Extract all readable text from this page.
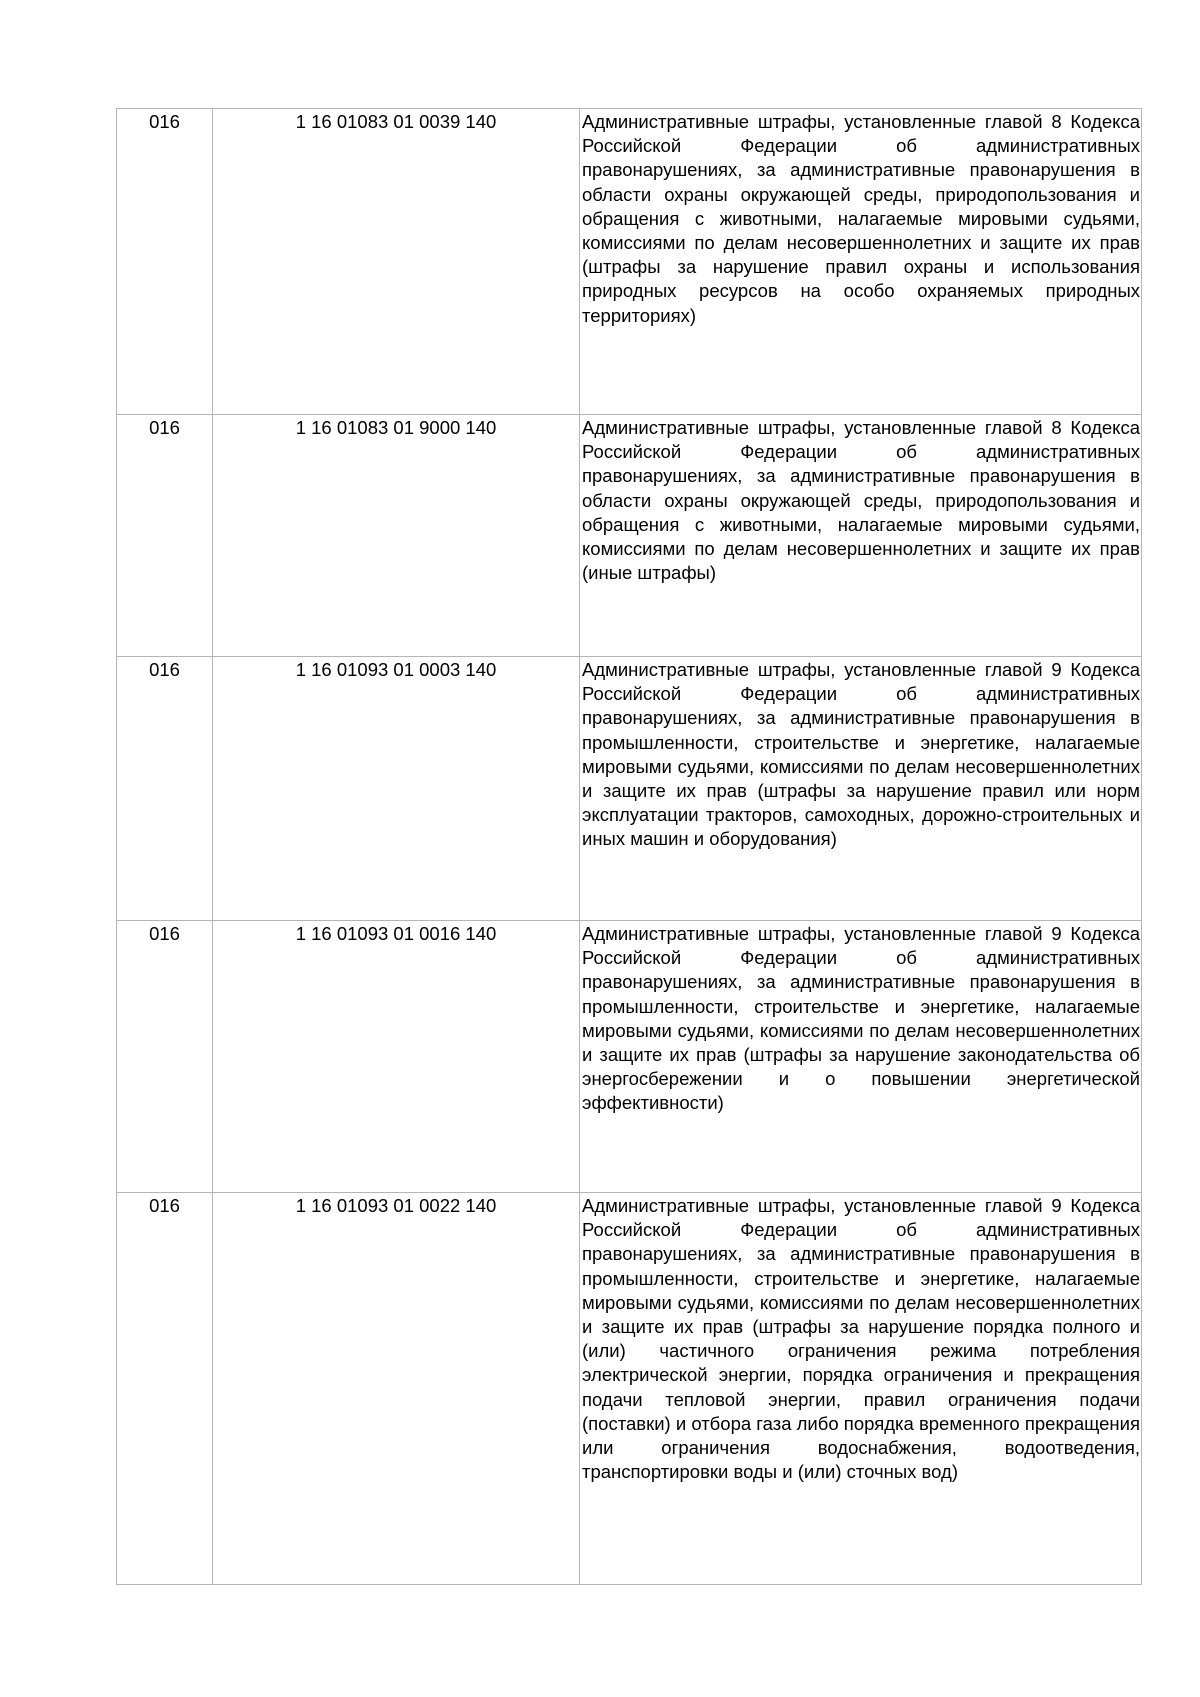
016	1 16 01083 01 0039 140	Административные штрафы, установленные главой 8 Кодекса Российской Федерации об административных правонарушениях, за административные правонарушения в области охраны окружающей среды, природопользования и обращения с животными, налагаемые мировыми судьями, комиссиями по делам несовершеннолетних и защите их прав (штрафы за нарушение правил охраны и использования природных ресурсов на особо охраняемых природных территориях)
016	1 16 01083 01 9000 140	Административные штрафы, установленные главой 8 Кодекса Российской Федерации об административных правонарушениях, за административные правонарушения в области охраны окружающей среды, природопользования и обращения с животными, налагаемые мировыми судьями, комиссиями по делам несовершеннолетних и защите их прав (иные штрафы)
016	1 16 01093 01 0003 140	Административные штрафы, установленные главой 9 Кодекса Российской Федерации об административных правонарушениях, за административные правонарушения в промышленности, строительстве и энергетике, налагаемые мировыми судьями, комиссиями по делам несовершеннолетних и защите их прав (штрафы за нарушение правил или норм эксплуатации тракторов, самоходных, дорожно-строительных и иных машин и оборудования)
016	1 16 01093 01 0016 140	Административные штрафы, установленные главой 9 Кодекса Российской Федерации об административных правонарушениях, за административные правонарушения в промышленности, строительстве и энергетике, налагаемые мировыми судьями, комиссиями по делам несовершеннолетних и защите их прав (штрафы за нарушение законодательства об энергосбережении и о повышении энергетической эффективности)
016	1 16 01093 01 0022 140	Административные штрафы, установленные главой 9 Кодекса Российской Федерации об административных правонарушениях, за административные правонарушения в промышленности, строительстве и энергетике, налагаемые мировыми судьями, комиссиями по делам несовершеннолетних и защите их прав (штрафы за нарушение порядка полного и (или) частичного ограничения режима потребления электрической энергии, порядка ограничения и прекращения подачи тепловой энергии, правил ограничения подачи (поставки) и отбора газа либо порядка временного прекращения или ограничения водоснабжения, водоотведения, транспортировки воды и (или) сточных вод)
